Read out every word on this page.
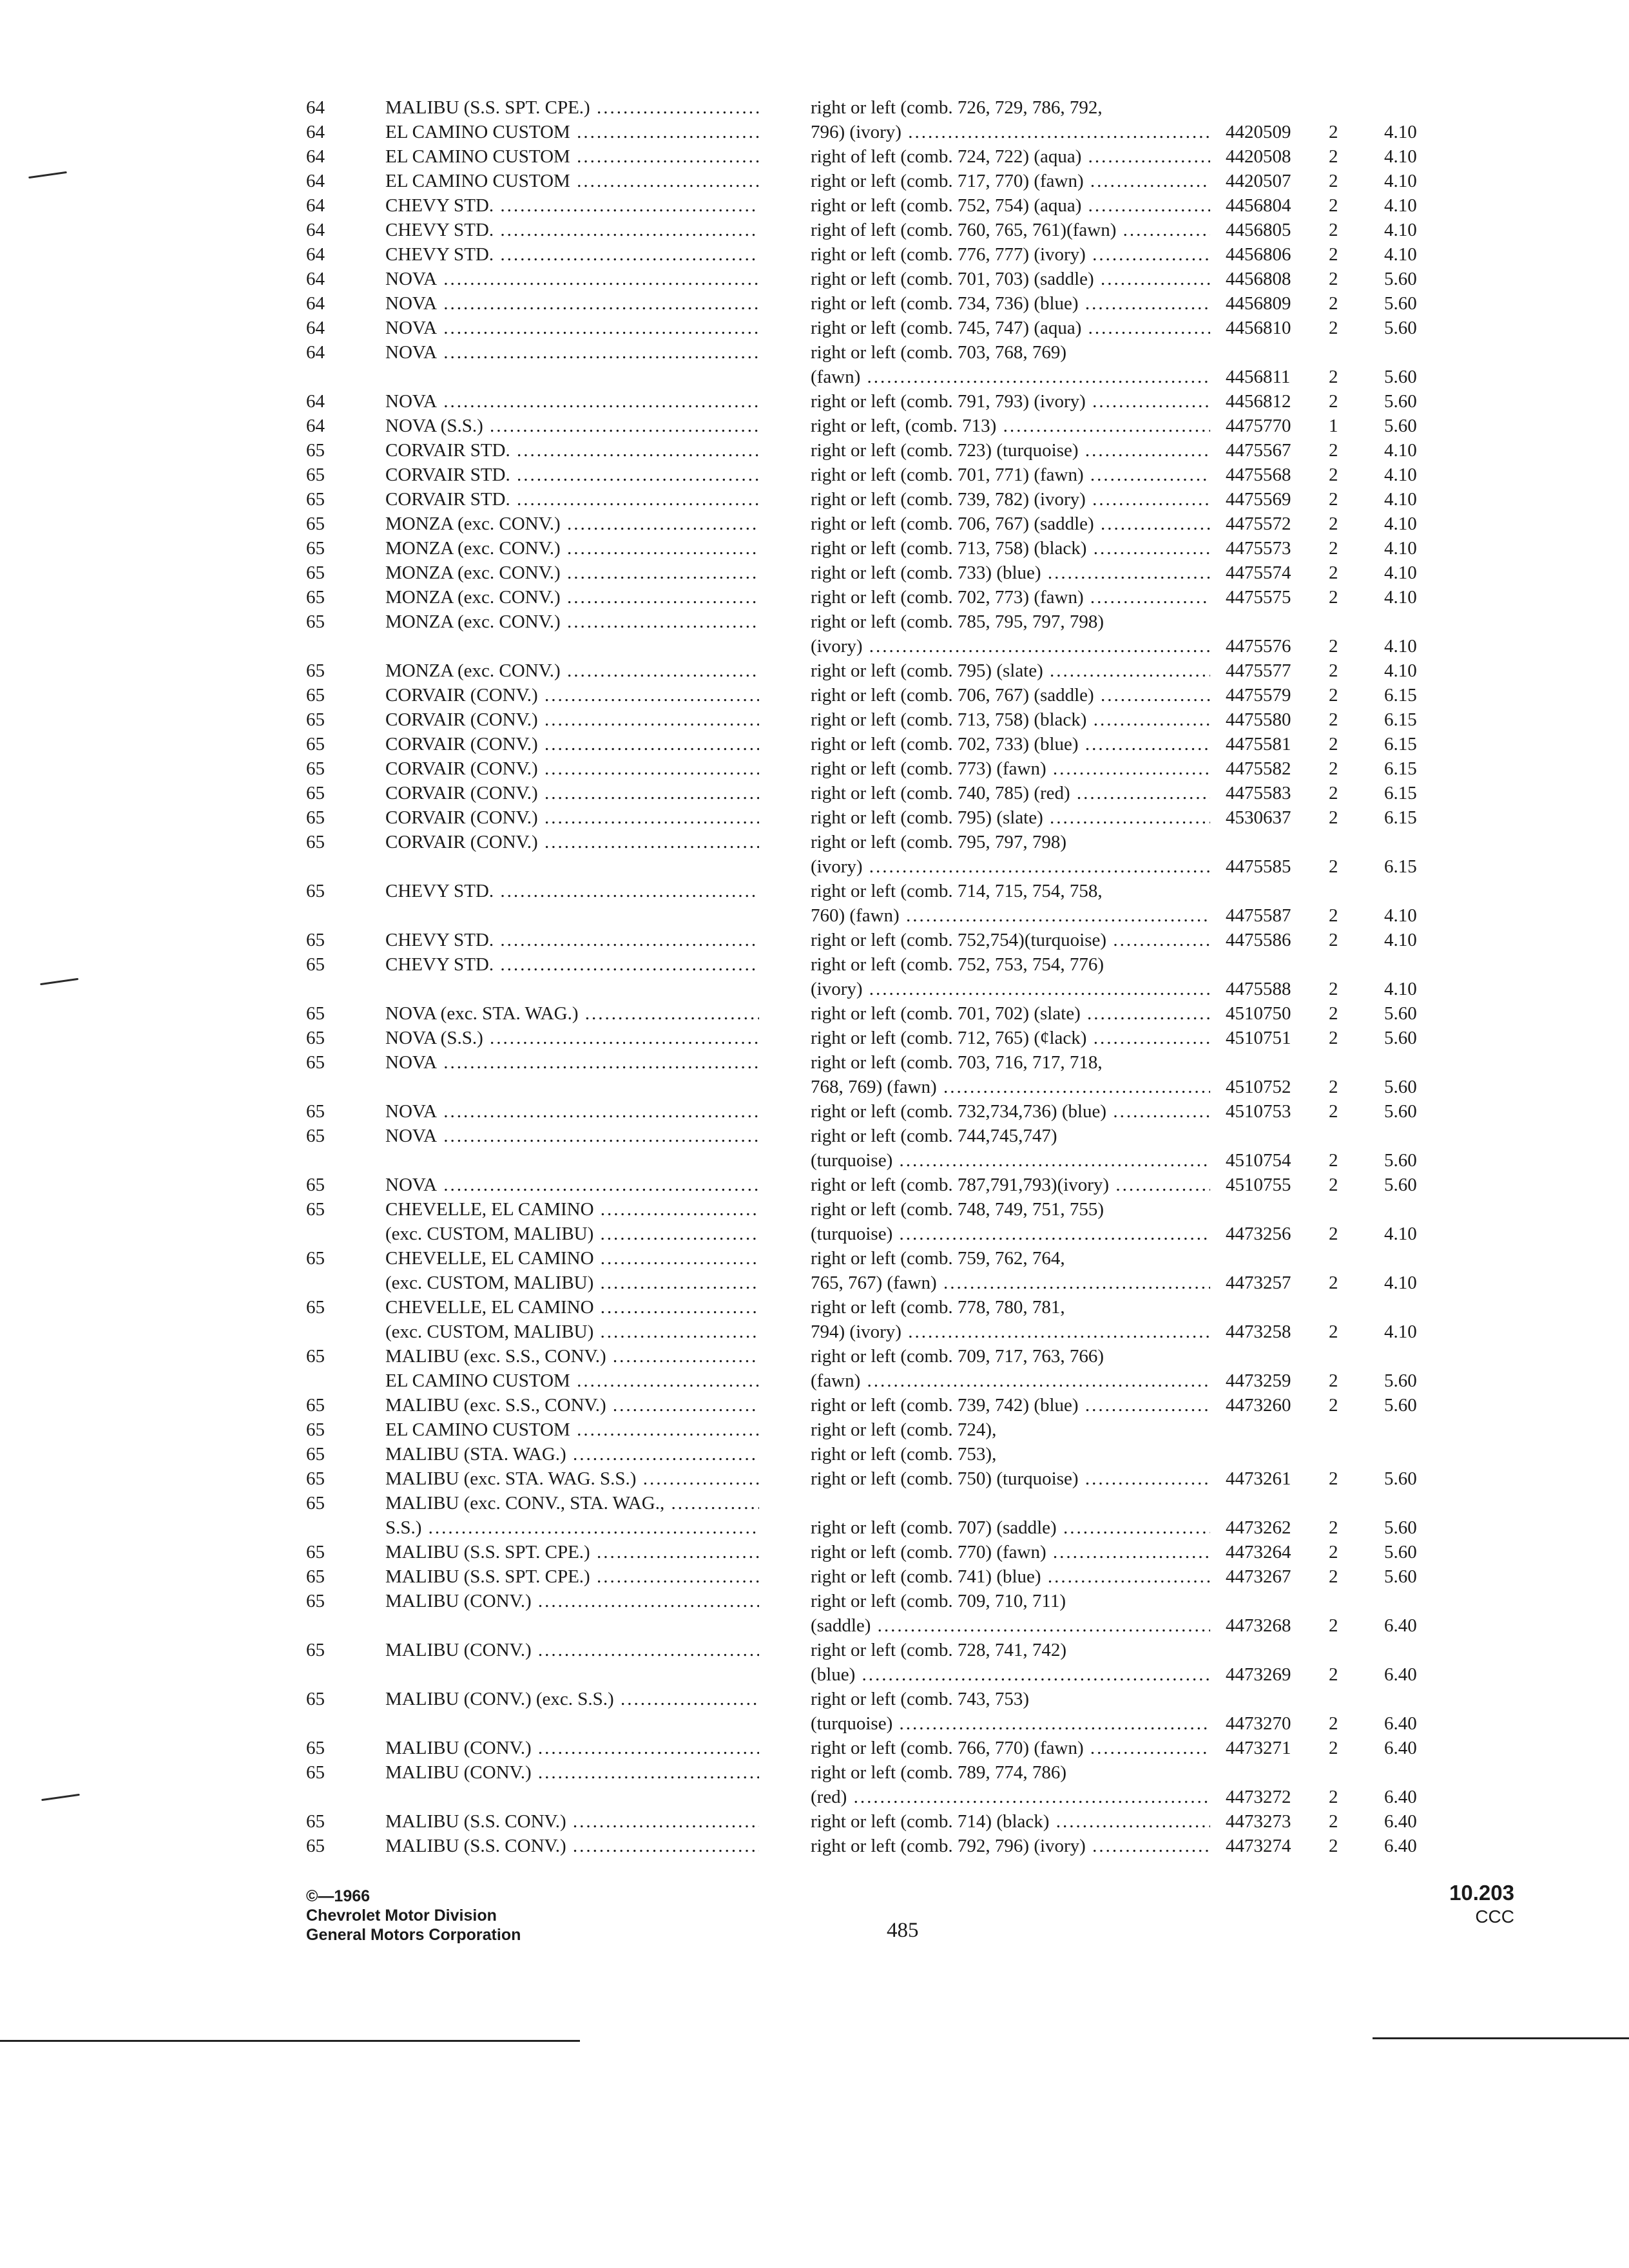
64	MALIBU (S.S. SPT. CPE.) .....	right or left (comb. 726, 729, 786, 792,
64	EL CAMINO CUSTOM .....	796) (ivory) .....	4420509 2 4.10
64	EL CAMINO CUSTOM .....	right of left (comb. 724, 722) (aqua) .....	4420508 2 4.10
64	EL CAMINO CUSTOM .....	right or left (comb. 717, 770) (fawn) .....	4420507 2 4.10
64	CHEVY STD. .....	right or left (comb. 752, 754) (aqua) .....	4456804 2 4.10
64	CHEVY STD. .....	right of left (comb. 760, 765, 761)(fawn) .....	4456805 2 4.10
64	CHEVY STD. .....	right or left (comb. 776, 777) (ivory) .....	4456806 2 4.10
64	NOVA .....	right or left (comb. 701, 703) (saddle) .....	4456808 2 5.60
64	NOVA .....	right or left (comb. 734, 736) (blue) .....	4456809 2 5.60
64	NOVA .....	right or left (comb. 745, 747) (aqua) .....	4456810 2 5.60
64	NOVA .....	right or left (comb. 703, 768, 769)
(fawn) .....	4456811 2 5.60
64	NOVA .....	right or left (comb. 791, 793) (ivory) .....	4456812 2 5.60
64	NOVA (S.S.) .....	right or left, (comb. 713) .....	4475770 1 5.60
65	CORVAIR STD. .....	right or left (comb. 723) (turquoise) .....	4475567 2 4.10
65	CORVAIR STD. .....	right or left (comb. 701, 771) (fawn) .....	4475568 2 4.10
65	CORVAIR STD. .....	right or left (comb. 739, 782) (ivory) .....	4475569 2 4.10
65	MONZA (exc. CONV.) .....	right or left (comb. 706, 767) (saddle) .....	4475572 2 4.10
65	MONZA (exc. CONV.) .....	right or left (comb. 713, 758) (black) .....	4475573 2 4.10
65	MONZA (exc. CONV.) .....	right or left (comb. 733) (blue) .....	4475574 2 4.10
65	MONZA (exc. CONV.) .....	right or left (comb. 702, 773) (fawn) .....	4475575 2 4.10
65	MONZA (exc. CONV.) .....	right or left (comb. 785, 795, 797, 798)
(ivory) .....	4475576 2 4.10
65	MONZA (exc. CONV.) .....	right or left (comb. 795) (slate) .....	4475577 2 4.10
65	CORVAIR (CONV.) .....	right or left (comb. 706, 767) (saddle) .....	4475579 2 6.15
65	CORVAIR (CONV.) .....	right or left (comb. 713, 758) (black) .....	4475580 2 6.15
65	CORVAIR (CONV.) .....	right or left (comb. 702, 733) (blue) .....	4475581 2 6.15
65	CORVAIR (CONV.) .....	right or left (comb. 773) (fawn) .....	4475582 2 6.15
65	CORVAIR (CONV.) .....	right or left (comb. 740, 785) (red) .....	4475583 2 6.15
65	CORVAIR (CONV.) .....	right or left (comb. 795) (slate) .....	4530637 2 6.15
65	CORVAIR (CONV.) .....	right or left (comb. 795, 797, 798)
(ivory) .....	4475585 2 6.15
65	CHEVY STD. .....	right or left (comb. 714, 715, 754, 758,
760) (fawn) .....	4475587 2 4.10
65	CHEVY STD. .....	right or left (comb. 752,754)(turquoise) .....	4475586 2 4.10
65	CHEVY STD. .....	right or left (comb. 752, 753, 754, 776)
(ivory) .....	4475588 2 4.10
65	NOVA (exc. STA. WAG.) .....	right or left (comb. 701, 702) (slate) .....	4510750 2 5.60
65	NOVA (S.S.) .....	right or left (comb. 712, 765) (¢lack) .....	4510751 2 5.60
65	NOVA .....	right or left (comb. 703, 716, 717, 718,
768, 769) (fawn) .....	4510752 2 5.60
65	NOVA .....	right or left (comb. 732,734,736) (blue) .....	4510753 2 5.60
65	NOVA .....	right or left (comb. 744,745,747)
(turquoise) .....	4510754 2 5.60
65	NOVA .....	right or left (comb. 787,791,793)(ivory) .....	4510755 2 5.60
65	CHEVELLE, EL CAMINO .....	right or left (comb. 748, 749, 751, 755)
(exc. CUSTOM, MALIBU) .....	(turquoise) .....	4473256 2 4.10
65	CHEVELLE, EL CAMINO .....	right or left (comb. 759, 762, 764,
(exc. CUSTOM, MALIBU) .....	765, 767) (fawn) .....	4473257 2 4.10
65	CHEVELLE, EL CAMINO .....	right or left (comb. 778, 780, 781,
(exc. CUSTOM, MALIBU) .....	794) (ivory) .....	4473258 2 4.10
65	MALIBU (exc. S.S., CONV.) .....	right or left (comb. 709, 717, 763, 766)
EL CAMINO CUSTOM .....	(fawn) .....	4473259 2 5.60
65	MALIBU (exc. S.S., CONV.) .....	right or left (comb. 739, 742) (blue) .....	4473260 2 5.60
65	EL CAMINO CUSTOM .....	right or left (comb. 724),
65	MALIBU (STA. WAG.) .....	right or left (comb. 753),
65	MALIBU (exc. STA. WAG. S.S.) .....	right or left (comb. 750) (turquoise) .....	4473261 2 5.60
65	MALIBU (exc. CONV., STA. WAG., .....
S.S.) .....	right or left (comb. 707) (saddle) .....	4473262 2 5.60
65	MALIBU (S.S. SPT. CPE.) .....	right or left (comb. 770) (fawn) .....	4473264 2 5.60
65	MALIBU (S.S. SPT. CPE.) .....	right or left (comb. 741) (blue) .....	4473267 2 5.60
65	MALIBU (CONV.) .....	right or left (comb. 709, 710, 711)
(saddle) .....	4473268 2 6.40
65	MALIBU (CONV.) .....	right or left (comb. 728, 741, 742)
(blue) .....	4473269 2 6.40
65	MALIBU (CONV.) (exc. S.S.) .....	right or left (comb. 743, 753)
(turquoise) .....	4473270 2 6.40
65	MALIBU (CONV.) .....	right or left (comb. 766, 770) (fawn) .....	4473271 2 6.40
65	MALIBU (CONV.) .....	right or left (comb. 789, 774, 786)
(red) .....	4473272 2 6.40
65	MALIBU (S.S. CONV.) .....	right or left (comb. 714) (black) .....	4473273 2 6.40
65	MALIBU (S.S. CONV.) .....	right or left (comb. 792, 796) (ivory) .....	4473274 2 6.40
©—1966
Chevrolet Motor Division
General Motors Corporation	485
10.203
CCC
